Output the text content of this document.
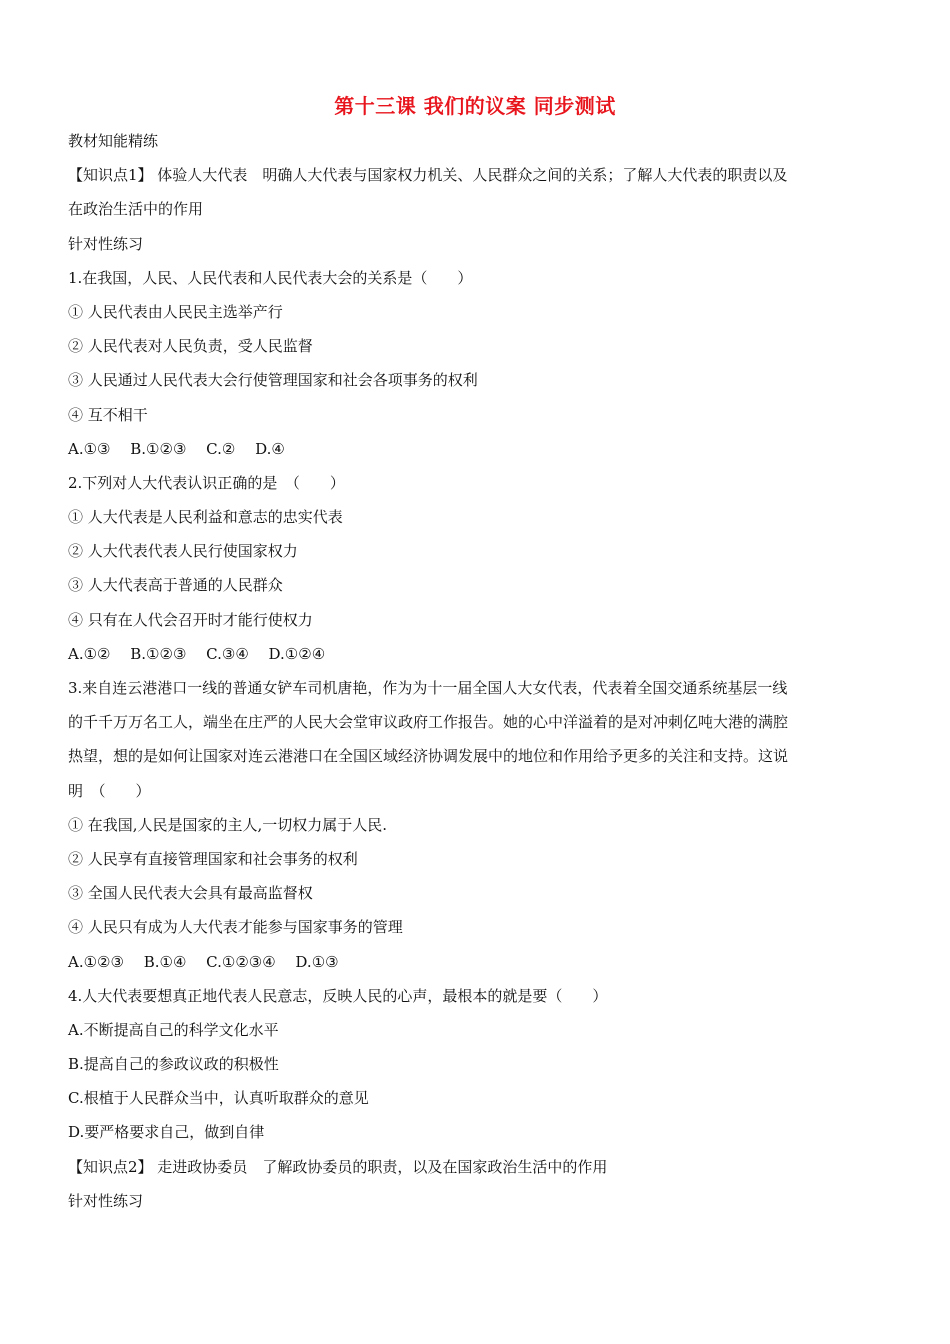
第十三课 我们的议案 同步测试
教材知能精练
【知识点1】 体验人大代表　明确人大代表与国家权力机关、人民群众之间的关系；了解人大代表的职责以及
在政治生活中的作用
针对性练习
1.在我国，人民、人民代表和人民代表大会的关系是（　　）
① 人民代表由人民民主选举产行
② 人民代表对人民负责，受人民监督
③ 人民通过人民代表大会行使管理国家和社会各项事务的权利
④ 互不相干
A.①③　 B.①②③　 C.②　 D.④
2.下列对人大代表认识正确的是　（　　）
① 人大代表是人民利益和意志的忠实代表
② 人大代表代表人民行使国家权力
③ 人大代表高于普通的人民群众
④ 只有在人代会召开时才能行使权力
A.①②　 B.①②③　 C.③④　 D.①②④
3.来自连云港港口一线的普通女铲车司机唐艳，作为为十一届全国人大女代表，代表着全国交通系统基层一线
的千千万万名工人，端坐在庄严的人民大会堂审议政府工作报告。她的心中洋溢着的是对冲刺亿吨大港的满腔
热望，想的是如何让国家对连云港港口在全国区域经济协调发展中的地位和作用给予更多的关注和支持。这说
明　（　　）
① 在我国,人民是国家的主人,一切权力属于人民.
② 人民享有直接管理国家和社会事务的权利
③ 全国人民代表大会具有最高监督权
④ 人民只有成为人大代表才能参与国家事务的管理
A.①②③　 B.①④　 C.①②③④　 D.①③
4.人大代表要想真正地代表人民意志，反映人民的心声，最根本的就是要（　　）
A.不断提高自己的科学文化水平
B.提高自己的参政议政的积极性
C.根植于人民群众当中，认真听取群众的意见
D.要严格要求自己，做到自律
【知识点2】 走进政协委员　了解政协委员的职责，以及在国家政治生活中的作用
针对性练习
